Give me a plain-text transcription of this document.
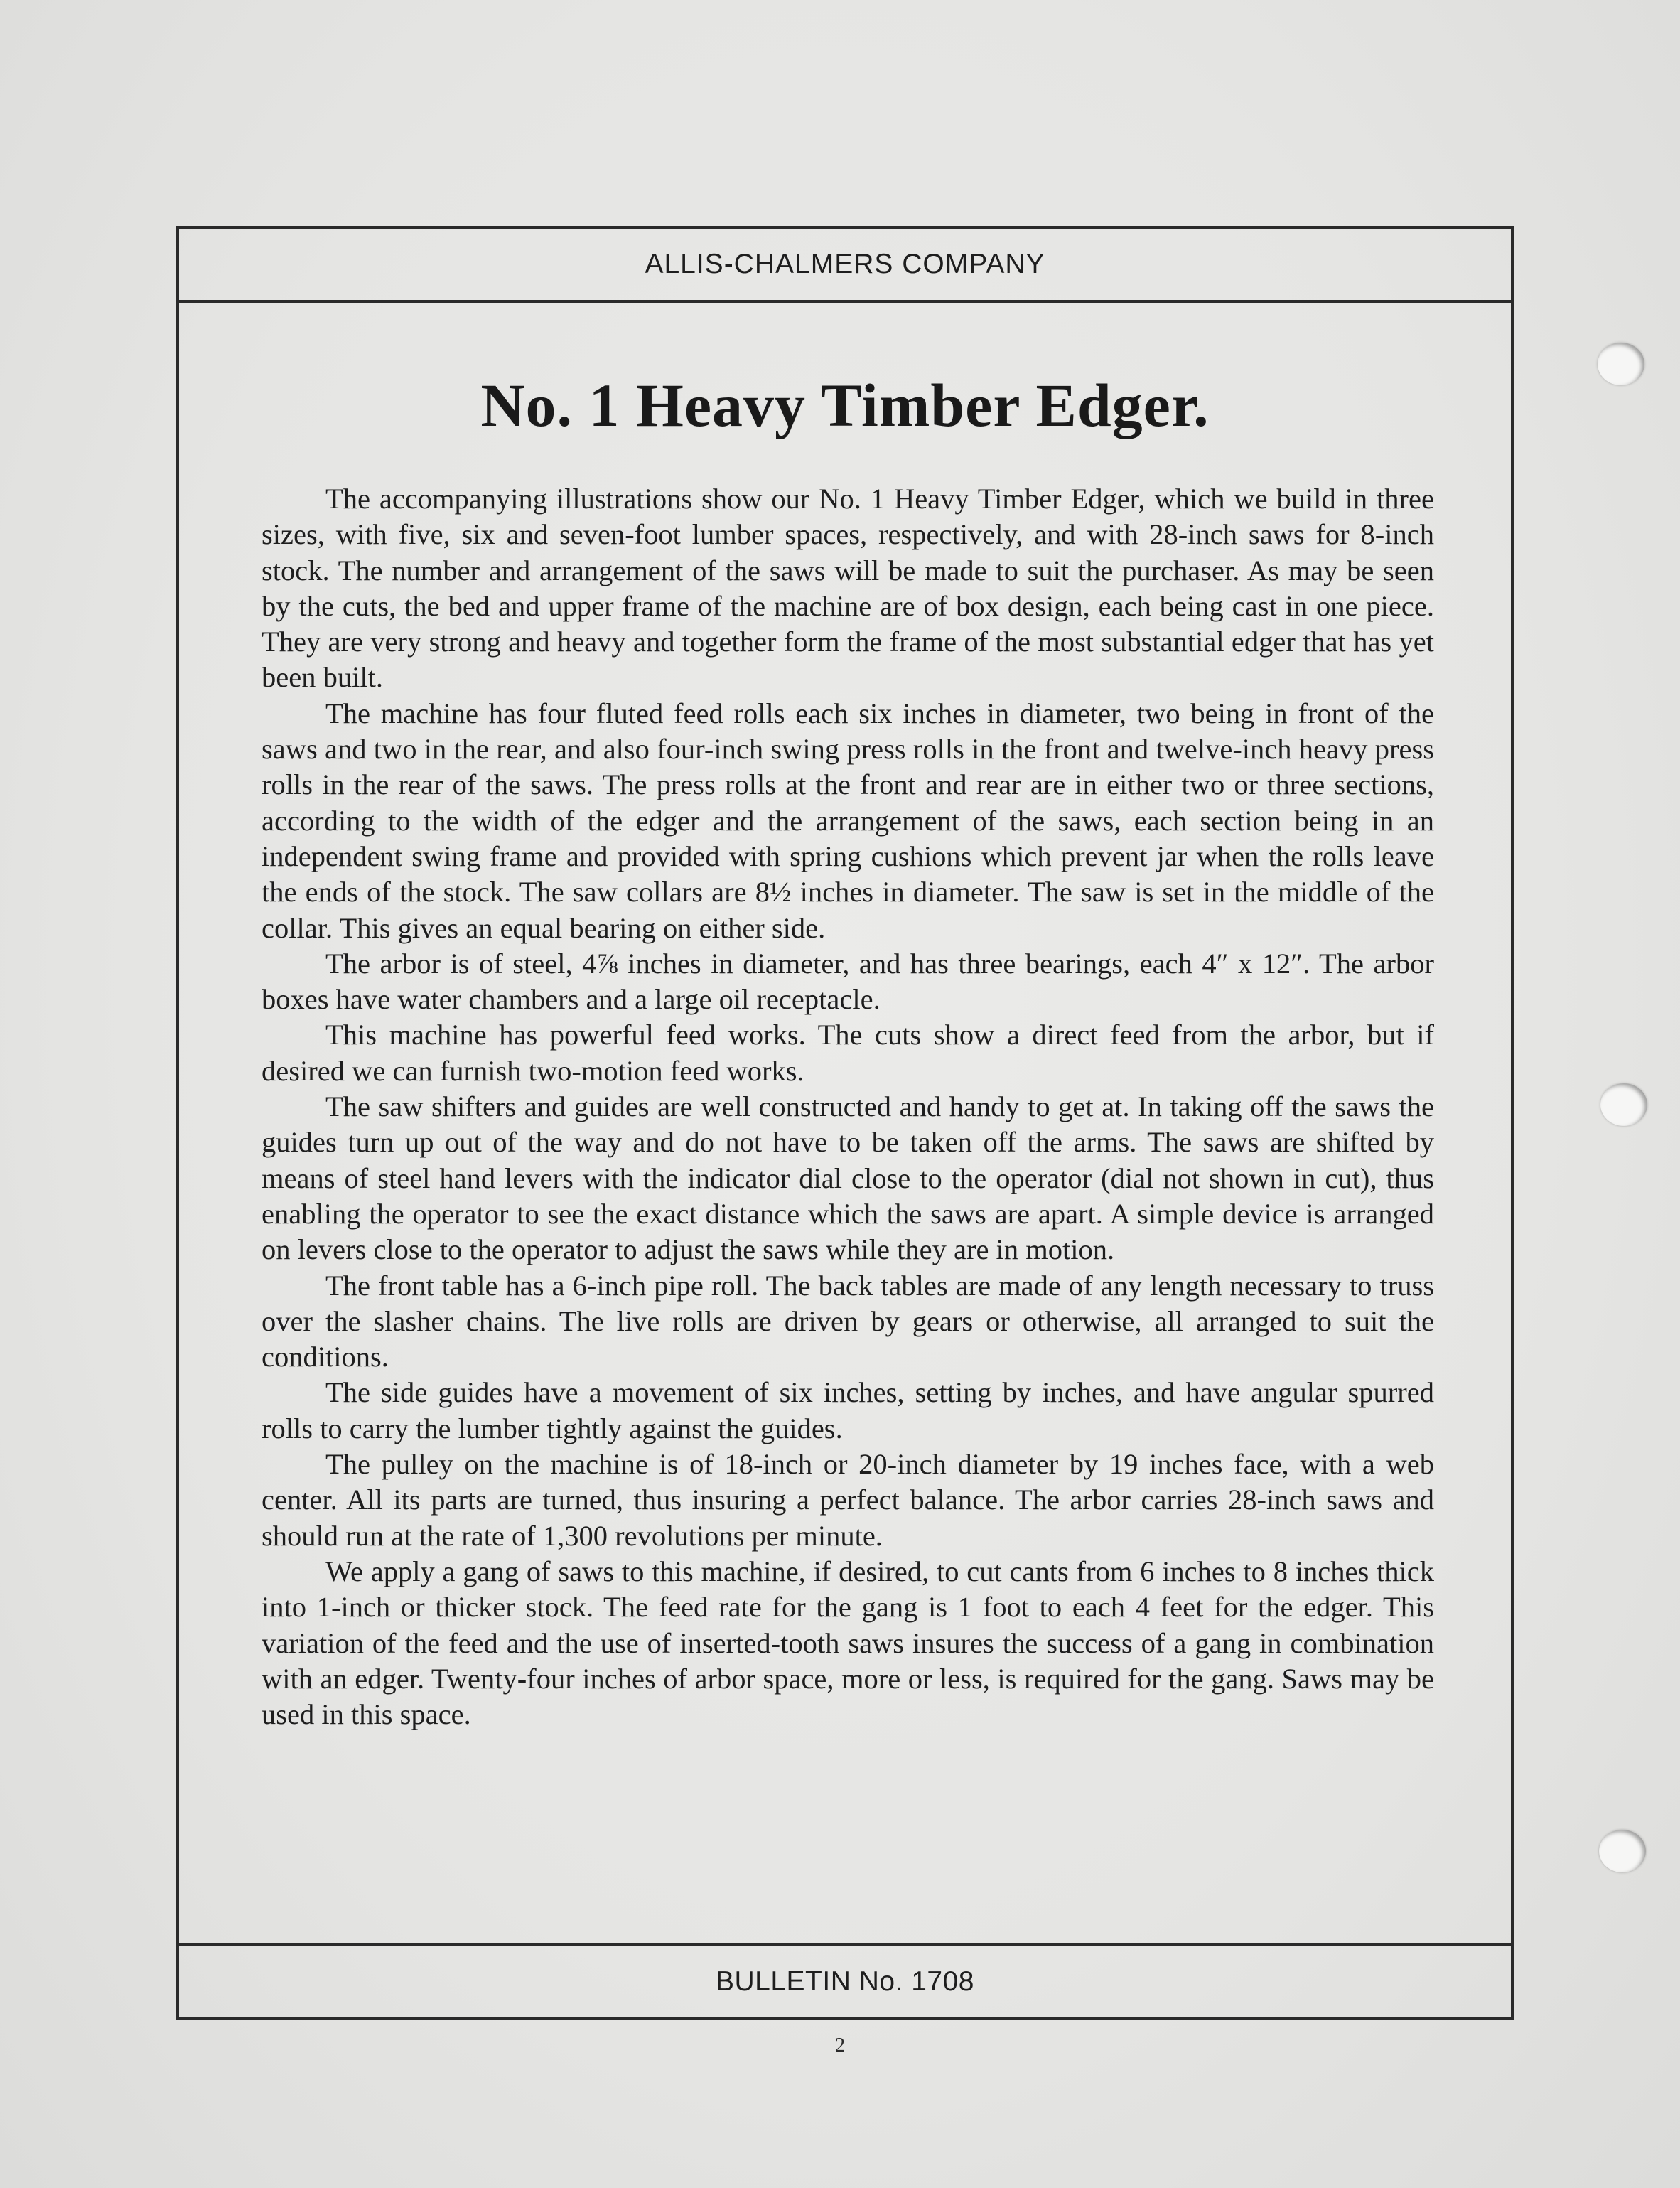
ALLIS-CHALMERS COMPANY
No. 1 Heavy Timber Edger.

The accompanying illustrations show our No. 1 Heavy Timber Edger, which we build in three sizes, with five, six and seven-foot lumber spaces, respectively, and with 28-inch saws for 8-inch stock. The number and arrangement of the saws will be made to suit the purchaser. As may be seen by the cuts, the bed and upper frame of the machine are of box design, each being cast in one piece. They are very strong and heavy and together form the frame of the most substantial edger that has yet been built.

The machine has four fluted feed rolls each six inches in diameter, two being in front of the saws and two in the rear, and also four-inch swing press rolls in the front and twelve-inch heavy press rolls in the rear of the saws. The press rolls at the front and rear are in either two or three sections, according to the width of the edger and the arrangement of the saws, each section being in an independent swing frame and provided with spring cushions which prevent jar when the rolls leave the ends of the stock. The saw collars are 8½ inches in diameter. The saw is set in the middle of the collar. This gives an equal bearing on either side.

The arbor is of steel, 4⅞ inches in diameter, and has three bearings, each 4″ x 12″. The arbor boxes have water chambers and a large oil receptacle.

This machine has powerful feed works. The cuts show a direct feed from the arbor, but if desired we can furnish two-motion feed works.

The saw shifters and guides are well constructed and handy to get at. In taking off the saws the guides turn up out of the way and do not have to be taken off the arms. The saws are shifted by means of steel hand levers with the indicator dial close to the operator (dial not shown in cut), thus enabling the operator to see the exact distance which the saws are apart. A simple device is arranged on levers close to the operator to adjust the saws while they are in motion.

The front table has a 6-inch pipe roll. The back tables are made of any length necessary to truss over the slasher chains. The live rolls are driven by gears or otherwise, all arranged to suit the conditions.

The side guides have a movement of six inches, setting by inches, and have angular spurred rolls to carry the lumber tightly against the guides.

The pulley on the machine is of 18-inch or 20-inch diameter by 19 inches face, with a web center. All its parts are turned, thus insuring a perfect balance. The arbor carries 28-inch saws and should run at the rate of 1,300 revolutions per minute.

We apply a gang of saws to this machine, if desired, to cut cants from 6 inches to 8 inches thick into 1-inch or thicker stock. The feed rate for the gang is 1 foot to each 4 feet for the edger. This variation of the feed and the use of inserted-tooth saws insures the success of a gang in combination with an edger. Twenty-four inches of arbor space, more or less, is required for the gang. Saws may be used in this space.

BULLETIN No. 1708
2
